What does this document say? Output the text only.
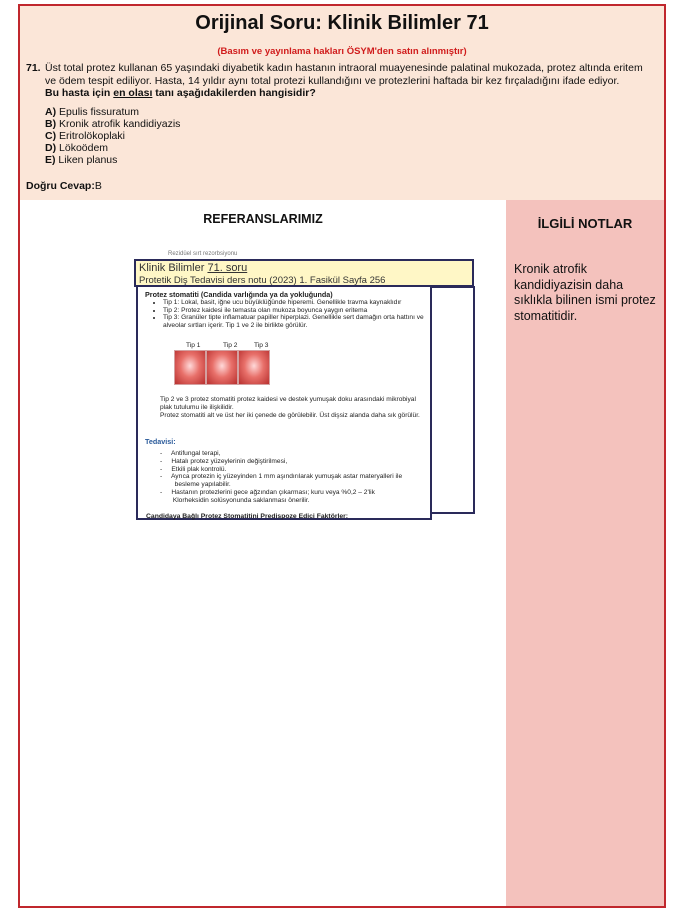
Orijinal Soru: Klinik Bilimler 71
(Basım ve yayınlama hakları ÖSYM'den satın alınmıştır)
71. Üst total protez kullanan 65 yaşındaki diyabetik kadın hastanın intraoral muayenesinde palatinal mukozada, protez altında eritem ve ödem tespit ediliyor. Hasta, 14 yıldır aynı total protezi kullandığını ve protezlerini haftada bir kez fırçaladığını ifade ediyor.
Bu hasta için en olası tanı aşağıdakilerden hangisidir?
A) Epulis fissuratum
B) Kronik atrofik kandidiyazis
C) Eritrolökoplaki
D) Lökoödem
E) Liken planus
Doğru Cevap:B
REFERANSLARIMIZ
Rezidüel sırt rezorbsiyonu
Klinik Bilimler 71. soru
Protetik Diş Tedavisi ders notu (2023) 1. Fasikül Sayfa 256
Protez stomatiti (Candida varlığında ya da yokluğunda)
• Tip 1: Lokal, basit, iğne ucu büyüklüğünde hiperemi. Genellikle travma kaynaklıdır
• Tip 2: Protez kaidesi ile temasta olan mukoza boyunca yaygın eritema
• Tip 3: Granüler tipte inflamatuar papiller hiperplazi. Genellikle sert damağın orta hattını ve alveolar sırtları içerir. Tip 1 ve 2 ile birlikte görülür.
Tip 1	Tip 2	Tip 3
Tip 2 ve 3 protez stomatiti protez kaidesi ve destek yumuşak doku arasındaki mikrobiyal plak tutulumu ile ilişkilidir.
Protez stomatiti alt ve üst her iki çenede de görülebilir. Üst dişsiz alanda daha sık görülür.
Tedavisi:
-     Antifungal terapi,
-     Hatalı protez yüzeylerinin değiştirilmesi,
-     Etkili plak kontrolü.
-     Ayrıca protezin iç yüzeyinden 1 mm aşındırılarak yumuşak astar materyalleri ile
besleme yapılabilir.
-     Hastanın protezlerini gece ağzından çıkarması; kuru veya %0,2 – 2'lik
Klorheksidin solüsyonunda saklanması önerilir.
Candidaya Bağlı Protez Stomatitini Predispoze Edici Faktörler:
İLGİLİ NOTLAR
Kronik atrofik kandidiyazisin daha sıklıkla bilinen ismi protez stomatitidir.
